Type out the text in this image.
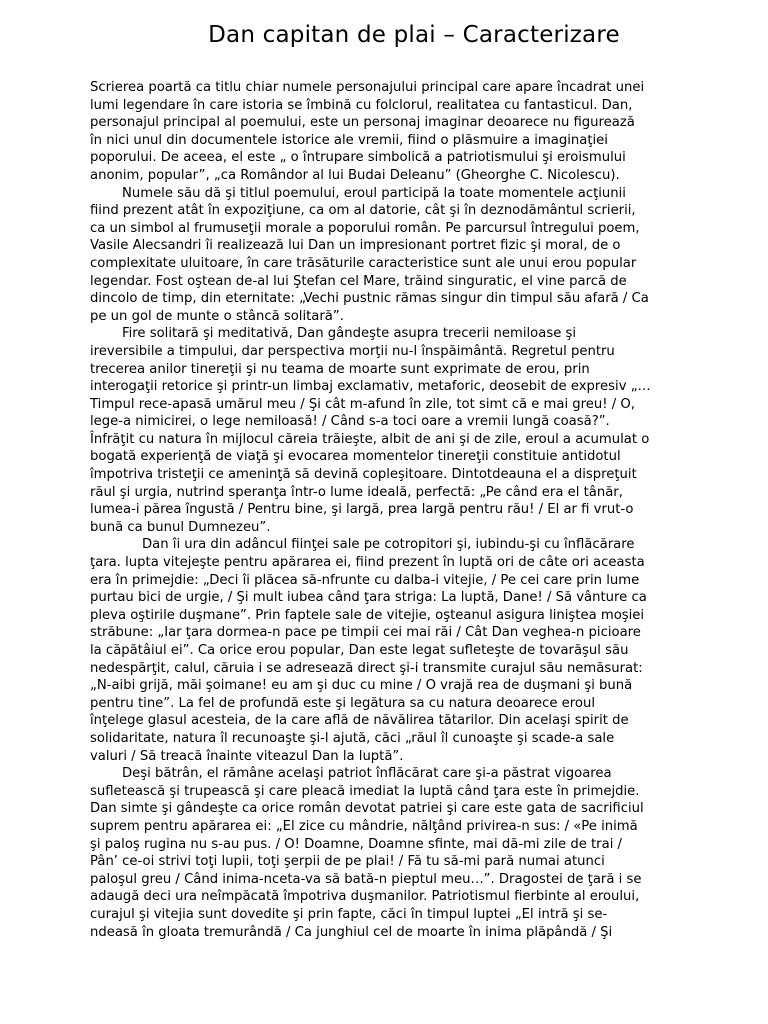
Dan capitan de plai – Caracterizare
Scrierea poartă ca titlu chiar numele personajului principal care apare încadrat unei
lumi legendare în care istoria se îmbină cu folclorul, realitatea cu fantasticul. Dan,
personajul principal al poemului, este un personaj imaginar deoarece nu figurează
în nici unul din documentele istorice ale vremii, fiind o plăsmuire a imaginaţiei
poporului. De aceea, el este „ o întrupare simbolică a patriotismului şi eroismului
anonim, popular”, „ca Romândor al lui Budai Deleanu” (Gheorghe C. Nicolescu).
Numele său dă şi titlul poemului, eroul participă la toate momentele acţiunii
fiind prezent atât în expoziţiune, ca om al datorie, cât şi în deznodământul scrierii,
ca un simbol al frumuseţii morale a poporului român. Pe parcursul întregului poem,
Vasile Alecsandri îi realizează lui Dan un impresionant portret fizic şi moral, de o
complexitate uluitoare, în care trăsăturile caracteristice sunt ale unui erou popular
legendar. Fost oştean de-al lui Ştefan cel Mare, trăind singuratic, el vine parcă de
dincolo de timp, din eternitate: „Vechi pustnic rămas singur din timpul său afară / Ca
pe un gol de munte o stâncă solitară”.
Fire solitară şi meditativă, Dan gândeşte asupra trecerii nemiloase şi
ireversibile a timpului, dar perspectiva morţii nu-l înspăimântă. Regretul pentru
trecerea anilor tinereţii şi nu teama de moarte sunt exprimate de erou, prin
interogaţii retorice şi printr-un limbaj exclamativ, metaforic, deosebit de expresiv „…
Timpul rece-apasă umărul meu / Şi cât m-afund în zile, tot simt că e mai greu! / O,
lege-a nimicirei, o lege nemiloasă! / Când s-a toci oare a vremii lungă coasă?”.
Înfrăţit cu natura în mijlocul căreia trăieşte, albit de ani şi de zile, eroul a acumulat o
bogată experienţă de viaţă şi evocarea momentelor tinereţii constituie antidotul
împotriva tristeţii ce ameninţă să devină copleşitoare. Dintotdeauna el a dispreţuit
răul şi urgia, nutrind speranţa într-o lume ideală, perfectă: „Pe când era el tânăr,
lumea-i părea îngustă / Pentru bine, şi largă, prea largă pentru rău! / El ar fi vrut-o
bună ca bunul Dumnezeu”.
Dan îi ura din adâncul fiinţei sale pe cotropitori şi, iubindu-şi cu înflăcărare
ţara. lupta vitejeşte pentru apărarea ei, fiind prezent în luptă ori de câte ori aceasta
era în primejdie: „Deci îi plăcea să-nfrunte cu dalba-i vitejie, / Pe cei care prin lume
purtau bici de urgie, / Şi mult iubea când ţara striga: La luptă, Dane! / Să vânture ca
pleva oştirile duşmane”. Prin faptele sale de vitejie, oşteanul asigura liniştea moşiei
străbune: „Iar ţara dormea-n pace pe timpii cei mai răi / Cât Dan veghea-n picioare
la căpătâiul ei”. Ca orice erou popular, Dan este legat sufleteşte de tovarăşul său
nedespărţit, calul, căruia i se adresează direct şi-i transmite curajul său nemăsurat:
„N-aibi grijă, măi şoimane! eu am şi duc cu mine / O vrajă rea de duşmani şi bună
pentru tine”. La fel de profundă este şi legătura sa cu natura deoarece eroul
înţelege glasul acesteia, de la care află de năvălirea tătarilor. Din acelaşi spirit de
solidaritate, natura îl recunoaşte şi-l ajută, căci „răul îl cunoaşte şi scade-a sale
valuri / Să treacă înainte viteazul Dan la luptă”.
Deşi bătrân, el rămâne acelaşi patriot înflăcărat care şi-a păstrat vigoarea
sufletească şi trupească şi care pleacă imediat la luptă când ţara este în primejdie.
Dan simte şi gândeşte ca orice român devotat patriei şi care este gata de sacrificiul
suprem pentru apărarea ei: „El zice cu mândrie, nălţând privirea-n sus: / «Pe inimă
şi paloş rugina nu s-au pus. / O! Doamne, Doamne sfinte, mai dă-mi zile de trai /
Pân’ ce-oi strivi toţi lupii, toţi şerpii de pe plai! / Fă tu să-mi pară numai atunci
paloşul greu / Când inima-nceta-va să bată-n pieptul meu…”. Dragostei de ţară i se
adaugă deci ura neîmpăcată împotriva duşmanilor. Patriotismul fierbinte al eroului,
curajul şi vitejia sunt dovedite şi prin fapte, căci în timpul luptei „El intră şi se-
ndeasă în gloata tremurândă / Ca junghiul cel de moarte în inima plăpândă / Şi
